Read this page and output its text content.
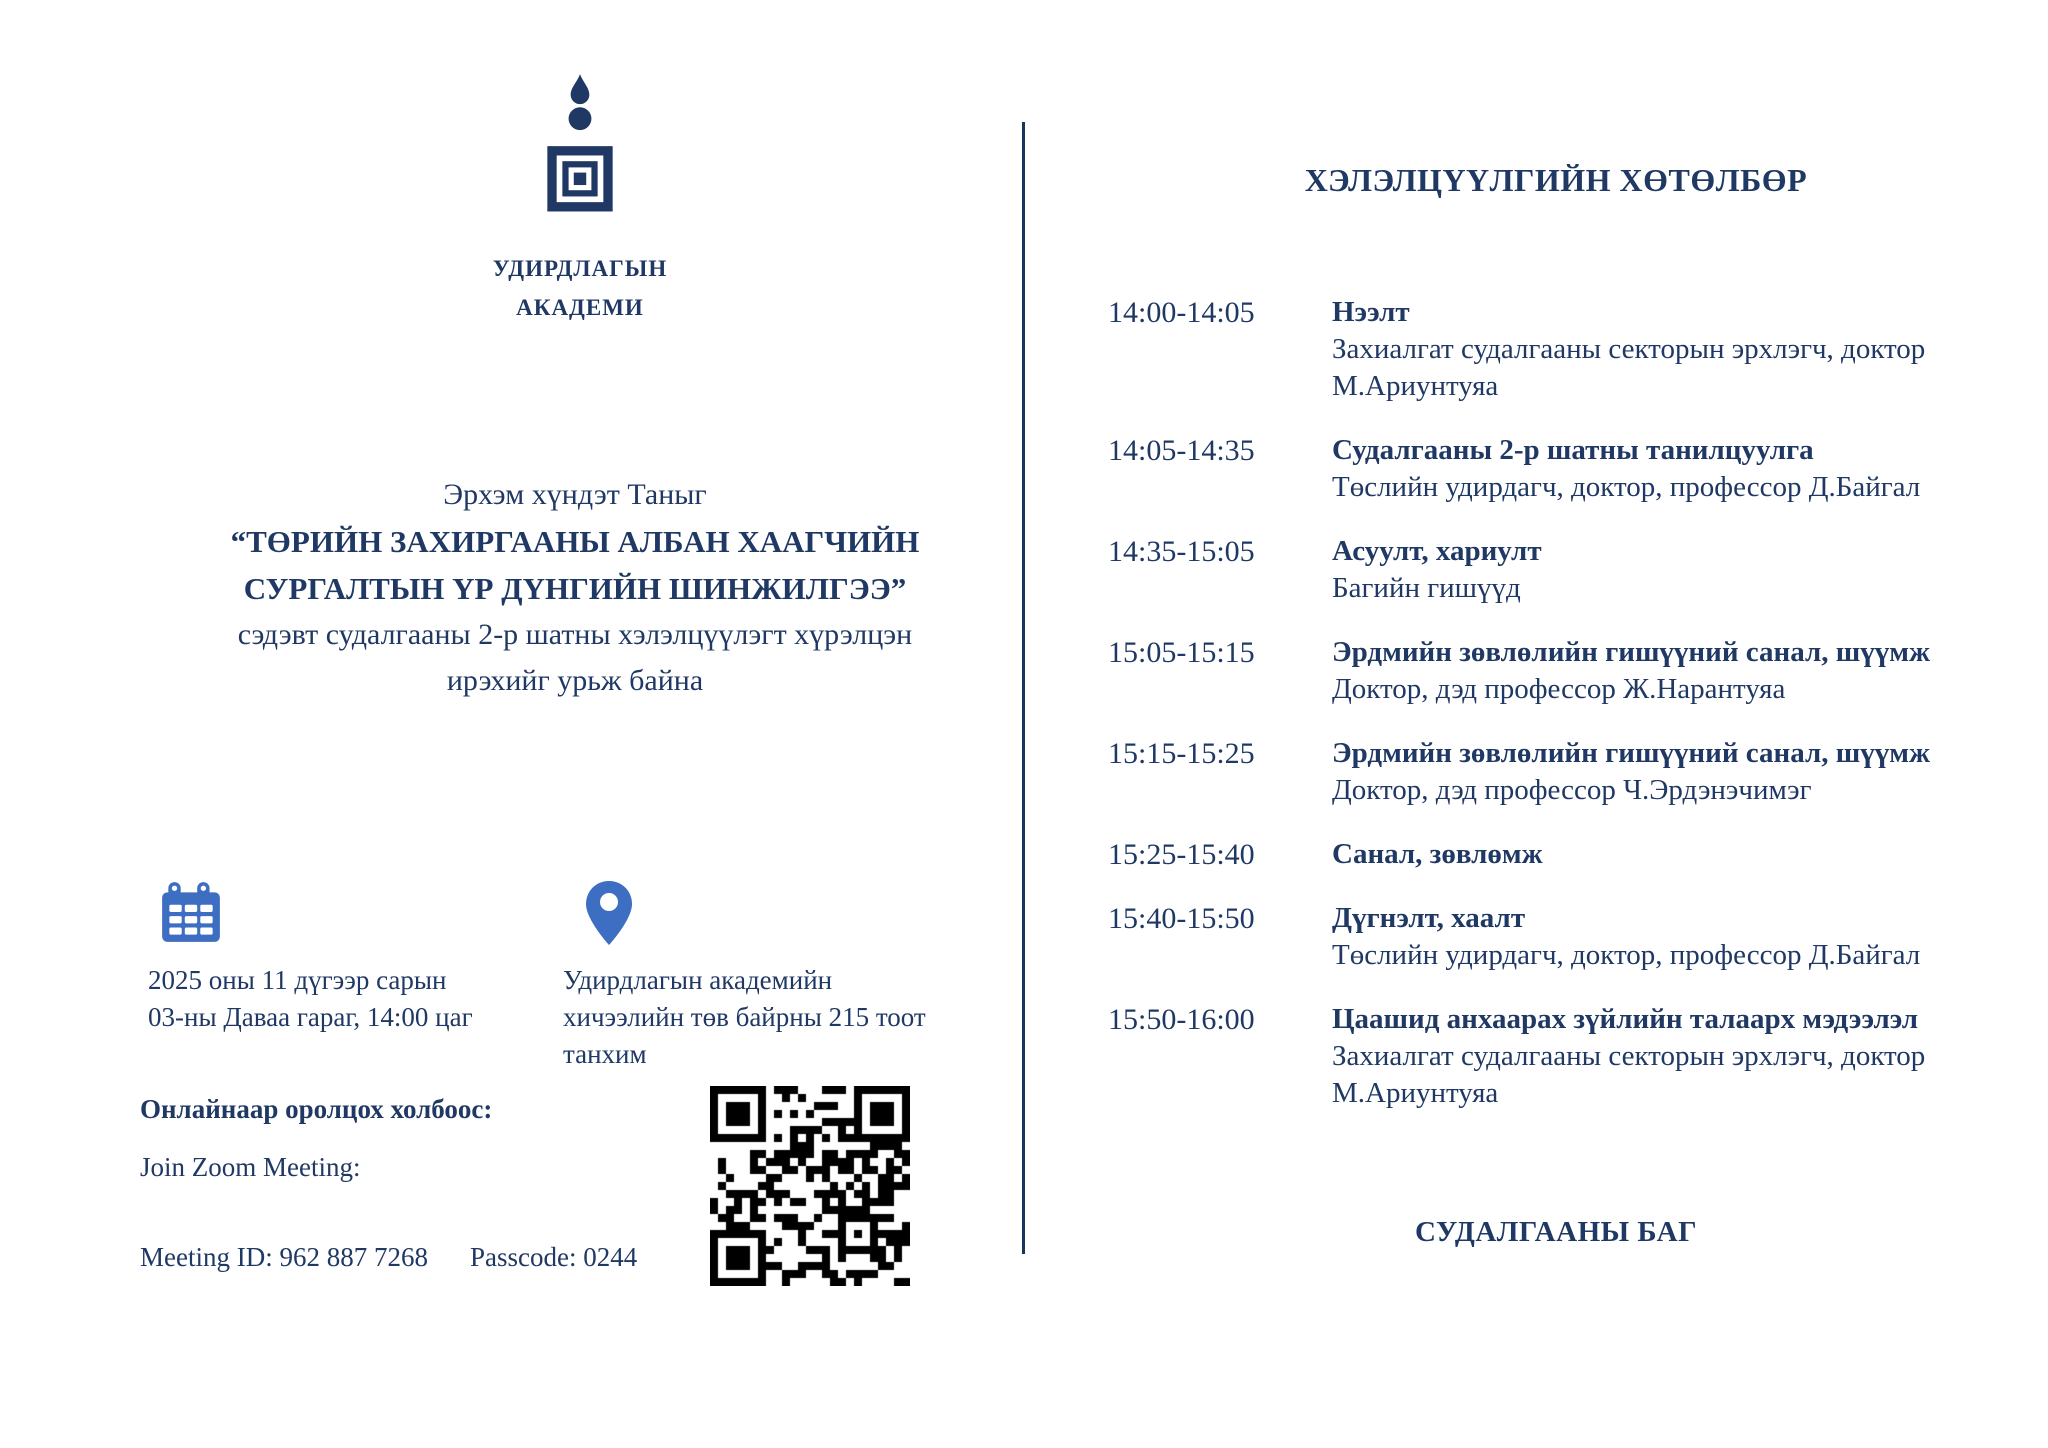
УДИРДЛАГЫН
АКАДЕМИ
Эрхэм хүндэт Таныг
“ТӨРИЙН ЗАХИРГААНЫ АЛБАН ХААГЧИЙН
СУРГАЛТЫН ҮР ДҮНГИЙН ШИНЖИЛГЭЭ”
сэдэвт судалгааны 2-р шатны хэлэлцүүлэгт хүрэлцэн
ирэхийг урьж байна
2025 оны 11 дүгээр сарын
03-ны Даваа гараг, 14:00 цаг
Удирдлагын академийн
хичээлийн төв байрны 215 тоот
танхим
Онлайнаар оролцох холбоос:
Join Zoom Meeting:
Meeting ID: 962 887 7268 Passcode: 0244
ХЭЛЭЛЦҮҮЛГИЙН ХӨТӨЛБӨР
14:00-14:05	Нээлт
Захиалгат судалгааны секторын эрхлэгч, доктор
М.Ариунтуяа
14:05-14:35	Судалгааны 2-р шатны танилцуулга
Төслийн удирдагч, доктор, профессор Д.Байгал
14:35-15:05	Асуулт, хариулт
Багийн гишүүд
15:05-15:15	Эрдмийн зөвлөлийн гишүүний санал, шүүмж
Доктор, дэд профессор Ж.Нарантуяа
15:15-15:25	Эрдмийн зөвлөлийн гишүүний санал, шүүмж
Доктор, дэд профессор Ч.Эрдэнэчимэг
15:25-15:40	Санал, зөвлөмж
15:40-15:50	Дүгнэлт, хаалт
Төслийн удирдагч, доктор, профессор Д.Байгал
15:50-16:00	Цаашид анхаарах зүйлийн талаарх мэдээлэл
Захиалгат судалгааны секторын эрхлэгч, доктор
М.Ариунтуяа
СУДАЛГААНЫ БАГ
